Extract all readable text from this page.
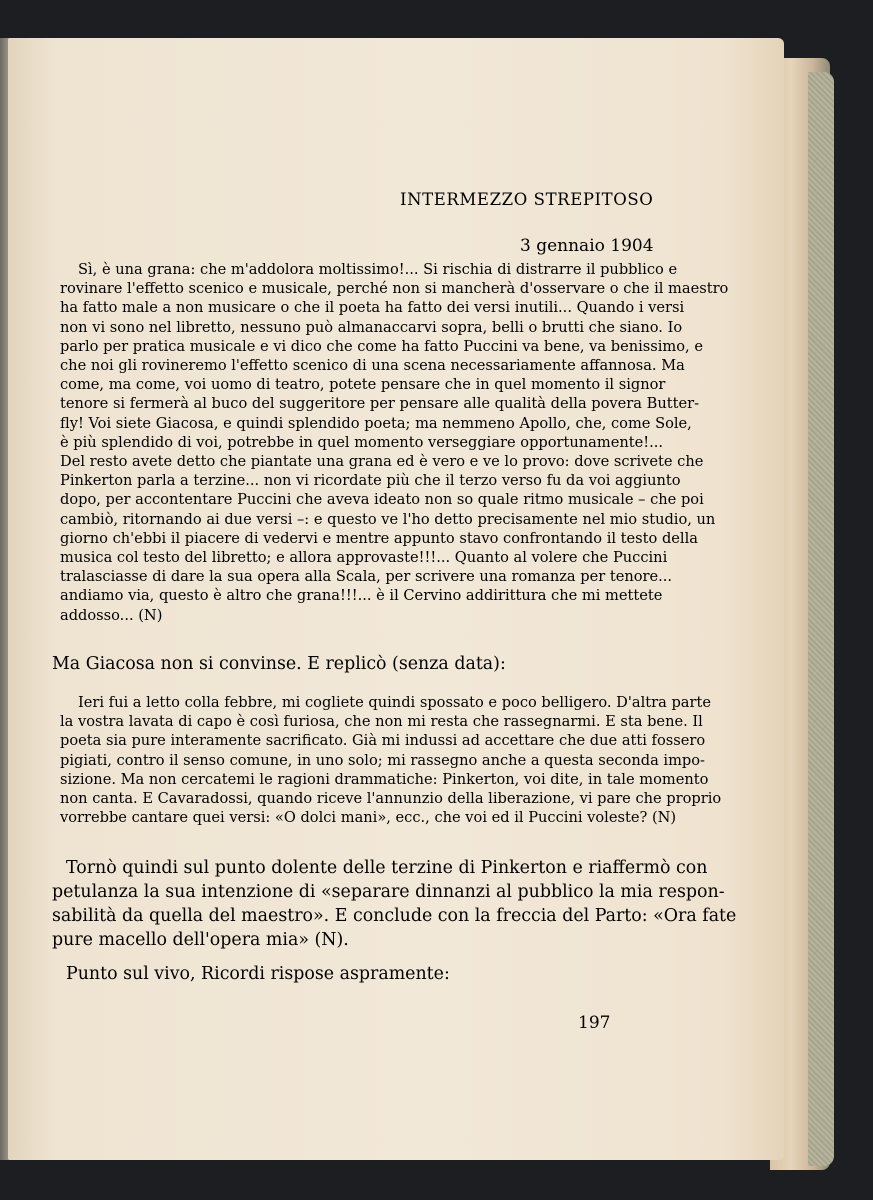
INTERMEZZO STREPITOSO
3 gennaio 1904
Sì, è una grana: che m'addolora moltissimo!... Si rischia di distrarre il pubblico e
rovinare l'effetto scenico e musicale, perché non si mancherà d'osservare o che il maestro
ha fatto male a non musicare o che il poeta ha fatto dei versi inutili... Quando i versi
non vi sono nel libretto, nessuno può almanaccarvi sopra, belli o brutti che siano. Io
parlo per pratica musicale e vi dico che come ha fatto Puccini va bene, va benissimo, e
che noi gli rovineremo l'effetto scenico di una scena necessariamente affannosa. Ma
come, ma come, voi uomo di teatro, potete pensare che in quel momento il signor
tenore si fermerà al buco del suggeritore per pensare alle qualità della povera Butter-
fly! Voi siete Giacosa, e quindi splendido poeta; ma nemmeno Apollo, che, come Sole,
è più splendido di voi, potrebbe in quel momento verseggiare opportunamente!...
Del resto avete detto che piantate una grana ed è vero e ve lo provo: dove scrivete che
Pinkerton parla a terzine... non vi ricordate più che il terzo verso fu da voi aggiunto
dopo, per accontentare Puccini che aveva ideato non so quale ritmo musicale – che poi
cambiò, ritornando ai due versi –: e questo ve l'ho detto precisamente nel mio studio, un
giorno ch'ebbi il piacere di vedervi e mentre appunto stavo confrontando il testo della
musica col testo del libretto; e allora approvaste!!!... Quanto al volere che Puccini
tralasciasse di dare la sua opera alla Scala, per scrivere una romanza per tenore...
andiamo via, questo è altro che grana!!!... è il Cervino addirittura che mi mettete
addosso... (N)
Ma Giacosa non si convinse. E replicò (senza data):
Ieri fui a letto colla febbre, mi cogliete quindi spossato e poco belligero. D'altra parte
la vostra lavata di capo è così furiosa, che non mi resta che rassegnarmi. E sta bene. Il
poeta sia pure interamente sacrificato. Già mi indussi ad accettare che due atti fossero
pigiati, contro il senso comune, in uno solo; mi rassegno anche a questa seconda impo-
sizione. Ma non cercatemi le ragioni drammatiche: Pinkerton, voi dite, in tale momento
non canta. E Cavaradossi, quando riceve l'annunzio della liberazione, vi pare che proprio
vorrebbe cantare quei versi: «O dolci mani», ecc., che voi ed il Puccini voleste? (N)
Tornò quindi sul punto dolente delle terzine di Pinkerton e riaffermò con
petulanza la sua intenzione di «separare dinnanzi al pubblico la mia respon-
sabilità da quella del maestro». E conclude con la freccia del Parto: «Ora fate
pure macello dell'opera mia» (N).
Punto sul vivo, Ricordi rispose aspramente:
197
